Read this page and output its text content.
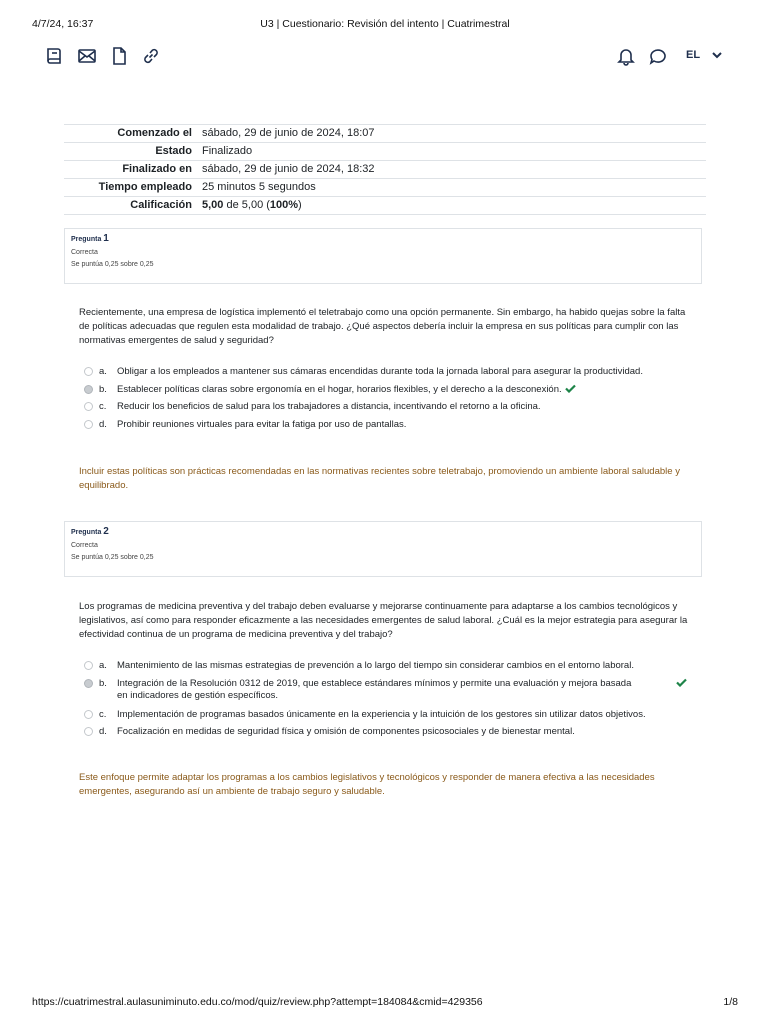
4/7/24, 16:37	U3 | Cuestionario: Revisión del intento | Cuatrimestral
EL
Comenzado el	sábado, 29 de junio de 2024, 18:07
Estado	Finalizado
Finalizado en	sábado, 29 de junio de 2024, 18:32
Tiempo empleado	25 minutos 5 segundos
Calificación	5,00 de 5,00 (100%)
Pregunta 1
Correcta
Se puntúa 0,25 sobre 0,25
Recientemente, una empresa de logística implementó el teletrabajo como una opción permanente. Sin embargo, ha habido quejas sobre la falta de políticas adecuadas que regulen esta modalidad de trabajo. ¿Qué aspectos debería incluir la empresa en sus políticas para cumplir con las normativas emergentes de salud y seguridad?
a. Obligar a los empleados a mantener sus cámaras encendidas durante toda la jornada laboral para asegurar la productividad.
b. Establecer políticas claras sobre ergonomía en el hogar, horarios flexibles, y el derecho a la desconexión.
c. Reducir los beneficios de salud para los trabajadores a distancia, incentivando el retorno a la oficina.
d. Prohibir reuniones virtuales para evitar la fatiga por uso de pantallas.
Incluir estas políticas son prácticas recomendadas en las normativas recientes sobre teletrabajo, promoviendo un ambiente laboral saludable y equilibrado.
Pregunta 2
Correcta
Se puntúa 0,25 sobre 0,25
Los programas de medicina preventiva y del trabajo deben evaluarse y mejorarse continuamente para adaptarse a los cambios tecnológicos y legislativos, así como para responder eficazmente a las necesidades emergentes de salud laboral. ¿Cuál es la mejor estrategia para asegurar la efectividad continua de un programa de medicina preventiva y del trabajo?
a. Mantenimiento de las mismas estrategias de prevención a lo largo del tiempo sin considerar cambios en el entorno laboral.
b. Integración de la Resolución 0312 de 2019, que establece estándares mínimos y permite una evaluación y mejora basada en indicadores de gestión específicos.
c. Implementación de programas basados únicamente en la experiencia y la intuición de los gestores sin utilizar datos objetivos.
d. Focalización en medidas de seguridad física y omisión de componentes psicosociales y de bienestar mental.
Este enfoque permite adaptar los programas a los cambios legislativos y tecnológicos y responder de manera efectiva a las necesidades emergentes, asegurando así un ambiente de trabajo seguro y saludable.
https://cuatrimestral.aulasuniminuto.edu.co/mod/quiz/review.php?attempt=184084&cmid=429356	1/8
